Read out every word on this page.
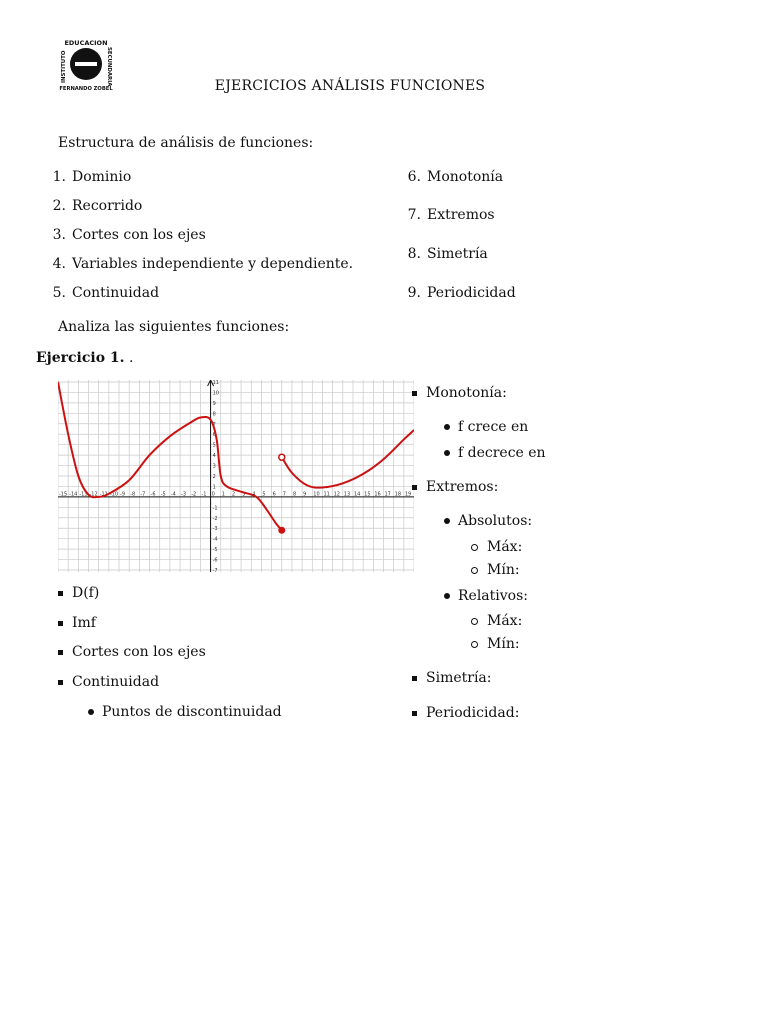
EDUCACION
FERNANDO ZOBEL
INSTITUTO	SECUNDARIA	EJERCICIOS ANÁLISIS FUNCIONES
Estructura de análisis de funciones:
1. Dominio
2. Recorrido
3. Cortes con los ejes
4. Variables independiente y dependiente.
5. Continuidad
6. Monotonía
7. Extremos
8. Simetría
9. Periodicidad
Analiza las siguientes funciones:
Ejercicio 1. .
-15 -14 -13 -12 -11 -10 -9 -8 -7 -6 -5 -4 -3 -2 -1 0 1 2 3 4 5 6 7 8 9 10 11 12 13 14 15 16 17 18 19
-7
-6
-5
-4
-3
-2
-1
1
2
3
4
5
6
7
8
9
10
11
D(f)
Imf
Cortes con los ejes
Continuidad
Puntos de discontinuidad
Monotonía:
f crece en
f decrece en
Extremos:
Absolutos:
Máx:
Mín:
Relativos:
Máx:
Mín:
Simetría:
Periodicidad:
